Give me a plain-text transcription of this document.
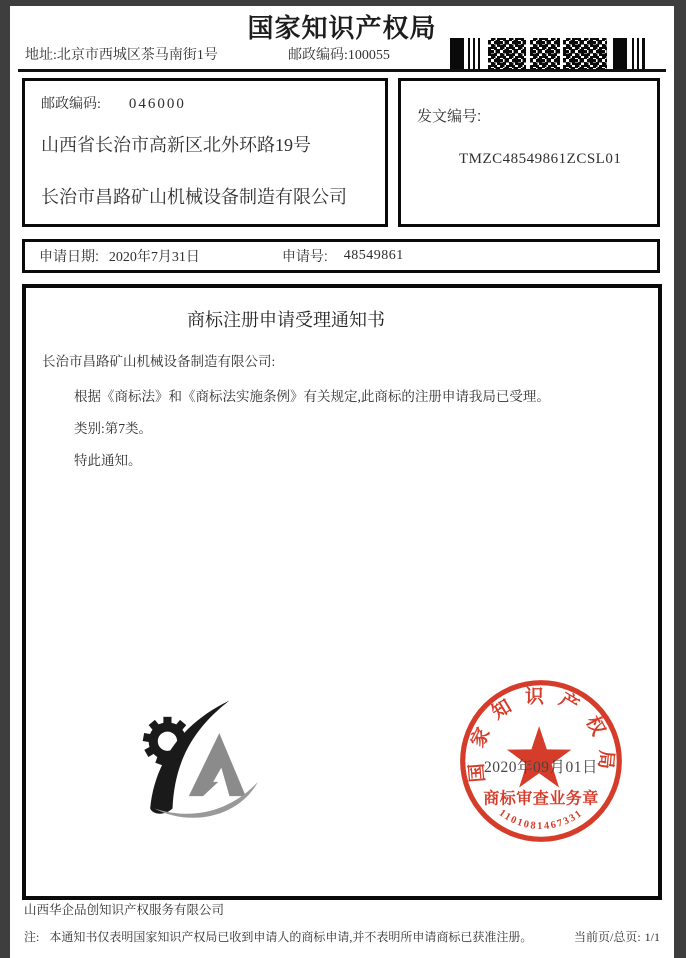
国家知识产权局
地址:北京市西城区茶马南街1号	邮政编码:100055
邮政编码: 046000
山西省长治市高新区北外环路19号
长治市昌路矿山机械设备制造有限公司
发文编号:
TMZC48549861ZCSL01
申请日期: 2020年7月31日	申请号: 48549861
商标注册申请受理通知书
长治市昌路矿山机械设备制造有限公司:
根据《商标法》和《商标法实施条例》有关规定,此商标的注册申请我局已受理。
类别:第7类。
特此通知。
国家知识产权局
商标审查业务章
1101081467331
2020年09月01日
山西华企品创知识产权服务有限公司
注: 本通知书仅表明国家知识产权局已收到申请人的商标申请,并不表明所申请商标已获准注册。	当前页/总页: 1/1
